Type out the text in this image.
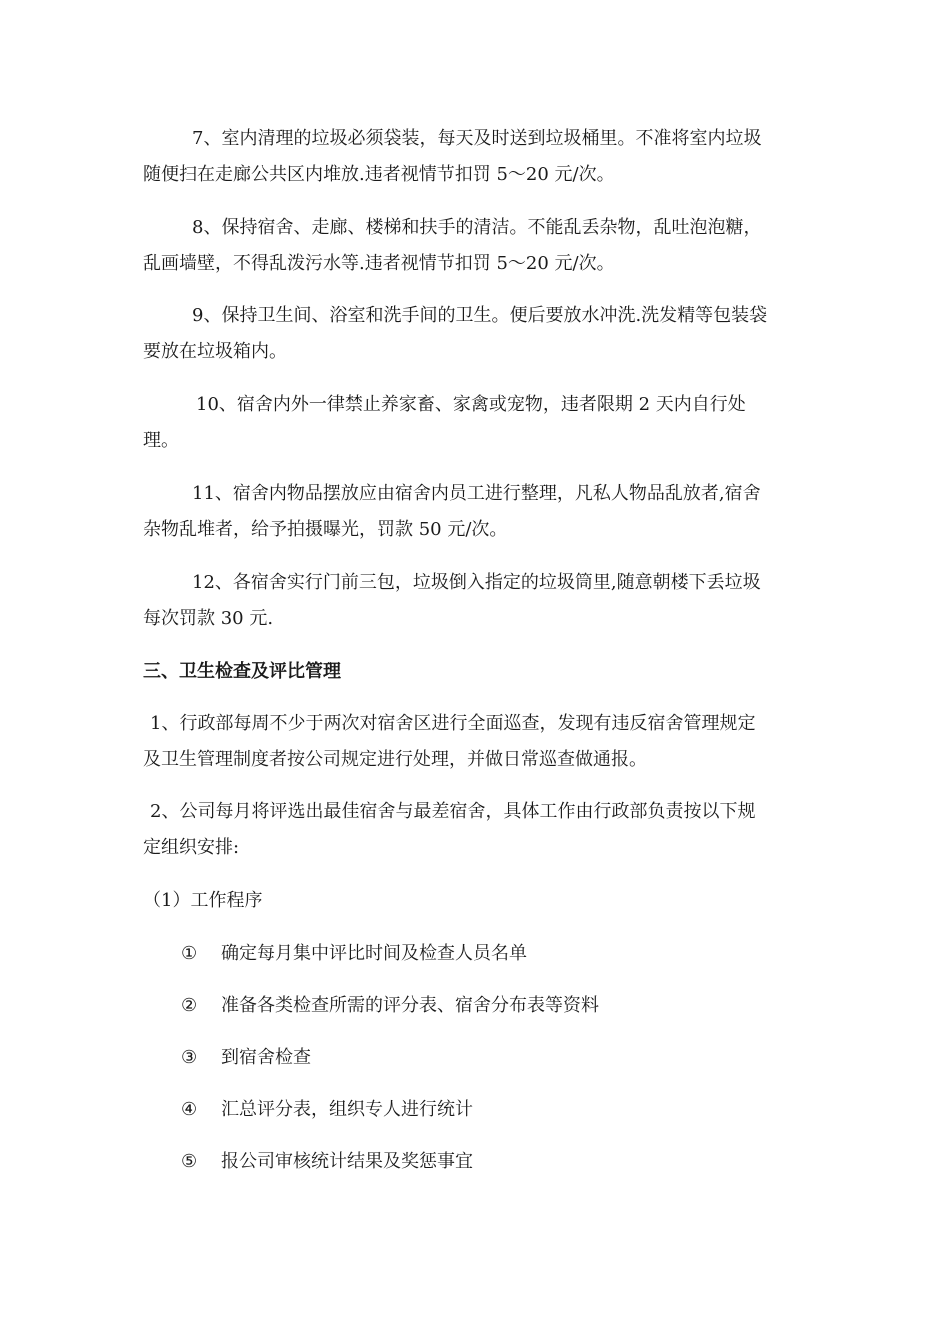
7、室内清理的垃圾必须袋装，每天及时送到垃圾桶里。不准将室内垃圾
随便扫在走廊公共区内堆放.违者视情节扣罚 5～20 元/次。
8、保持宿舍、走廊、楼梯和扶手的清洁。不能乱丢杂物，乱吐泡泡糖，
乱画墙壁，不得乱泼污水等.违者视情节扣罚 5～20 元/次。
9、保持卫生间、浴室和洗手间的卫生。便后要放水冲洗.洗发精等包装袋
要放在垃圾箱内。
10、宿舍内外一律禁止养家畜、家禽或宠物，违者限期 2 天内自行处
理。
11、宿舍内物品摆放应由宿舍内员工进行整理，凡私人物品乱放者,宿舍
杂物乱堆者，给予拍摄曝光，罚款 50 元/次。
12、各宿舍实行门前三包，垃圾倒入指定的垃圾筒里,随意朝楼下丢垃圾
每次罚款 30 元.
三、卫生检查及评比管理
1、行政部每周不少于两次对宿舍区进行全面巡查，发现有违反宿舍管理规定
及卫生管理制度者按公司规定进行处理，并做日常巡查做通报。
2、公司每月将评选出最佳宿舍与最差宿舍，具体工作由行政部负责按以下规
定组织安排:
（1）工作程序
① 确定每月集中评比时间及检查人员名单
② 准备各类检查所需的评分表、宿舍分布表等资料
③ 到宿舍检查
④ 汇总评分表，组织专人进行统计
⑤ 报公司审核统计结果及奖惩事宜
